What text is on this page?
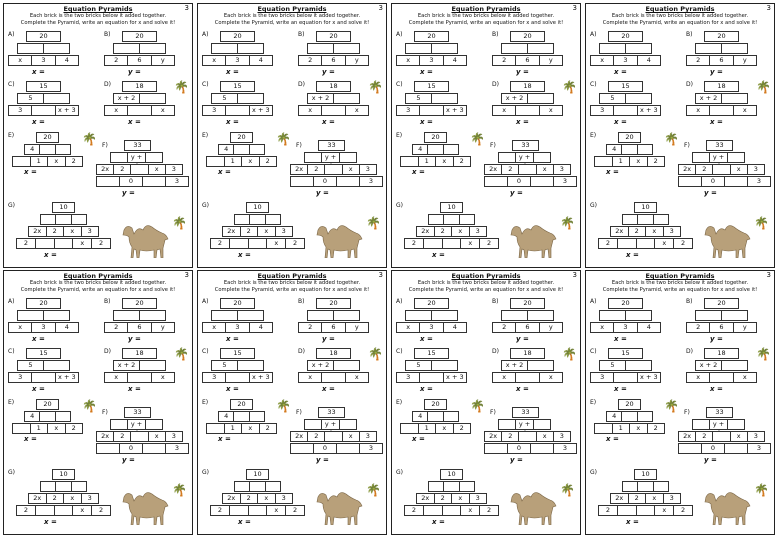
Equation Pyramids	3
Each brick is the two bricks below it added together.
Complete the Pyramid, write an equation for x and solve it!
A)	20
x	3	4
x =
B)	20
2	6	y
y =
C)	15
5
3	x + 3
x =
D)	18
x + 2
x	x
🌴
x =
E)	20
4
1	x	2
🌴
x =
F)	33
y +
2x	2	x	3
0	3
y =
G)	10
2x	2	x	3
2	x	2
x =
🌴
Equation Pyramids	3
Each brick is the two bricks below it added together.
Complete the Pyramid, write an equation for x and solve it!
A)	20
x	3	4
x =
B)	20
2	6	y
y =
C)	15
5
3	x + 3
x =
D)	18
x + 2
x	x
🌴
x =
E)	20
4
1	x	2
🌴
x =
F)	33
y +
2x	2	x	3
0	3
y =
G)	10
2x	2	x	3
2	x	2
x =
🌴
Equation Pyramids	3
Each brick is the two bricks below it added together.
Complete the Pyramid, write an equation for x and solve it!
A)	20
x	3	4
x =
B)	20
2	6	y
y =
C)	15
5
3	x + 3
x =
D)	18
x + 2
x	x
🌴
x =
E)	20
4
1	x	2
🌴
x =
F)	33
y +
2x	2	x	3
0	3
y =
G)	10
2x	2	x	3
2	x	2
x =
🌴
Equation Pyramids	3
Each brick is the two bricks below it added together.
Complete the Pyramid, write an equation for x and solve it!
A)	20
x	3	4
x =
B)	20
2	6	y
y =
C)	15
5
3	x + 3
x =
D)	18
x + 2
x	x
🌴
x =
E)	20
4
1	x	2
🌴
x =
F)	33
y +
2x	2	x	3
0	3
y =
G)	10
2x	2	x	3
2	x	2
x =
🌴
Equation Pyramids	3
Each brick is the two bricks below it added together.
Complete the Pyramid, write an equation for x and solve it!
A)	20
x	3	4
x =
B)	20
2	6	y
y =
C)	15
5
3	x + 3
x =
D)	18
x + 2
x	x
🌴
x =
E)	20
4
1	x	2
🌴
x =
F)	33
y +
2x	2	x	3
0	3
y =
G)	10
2x	2	x	3
2	x	2
x =
🌴
Equation Pyramids	3
Each brick is the two bricks below it added together.
Complete the Pyramid, write an equation for x and solve it!
A)	20
x	3	4
x =
B)	20
2	6	y
y =
C)	15
5
3	x + 3
x =
D)	18
x + 2
x	x
🌴
x =
E)	20
4
1	x	2
🌴
x =
F)	33
y +
2x	2	x	3
0	3
y =
G)	10
2x	2	x	3
2	x	2
x =
🌴
Equation Pyramids	3
Each brick is the two bricks below it added together.
Complete the Pyramid, write an equation for x and solve it!
A)	20
x	3	4
x =
B)	20
2	6	y
y =
C)	15
5
3	x + 3
x =
D)	18
x + 2
x	x
🌴
x =
E)	20
4
1	x	2
🌴
x =
F)	33
y +
2x	2	x	3
0	3
y =
G)	10
2x	2	x	3
2	x	2
x =
🌴
Equation Pyramids	3
Each brick is the two bricks below it added together.
Complete the Pyramid, write an equation for x and solve it!
A)	20
x	3	4
x =
B)	20
2	6	y
y =
C)	15
5
3	x + 3
x =
D)	18
x + 2
x	x
🌴
x =
E)	20
4
1	x	2
🌴
x =
F)	33
y +
2x	2	x	3
0	3
y =
G)	10
2x	2	x	3
2	x	2
x =
🌴
